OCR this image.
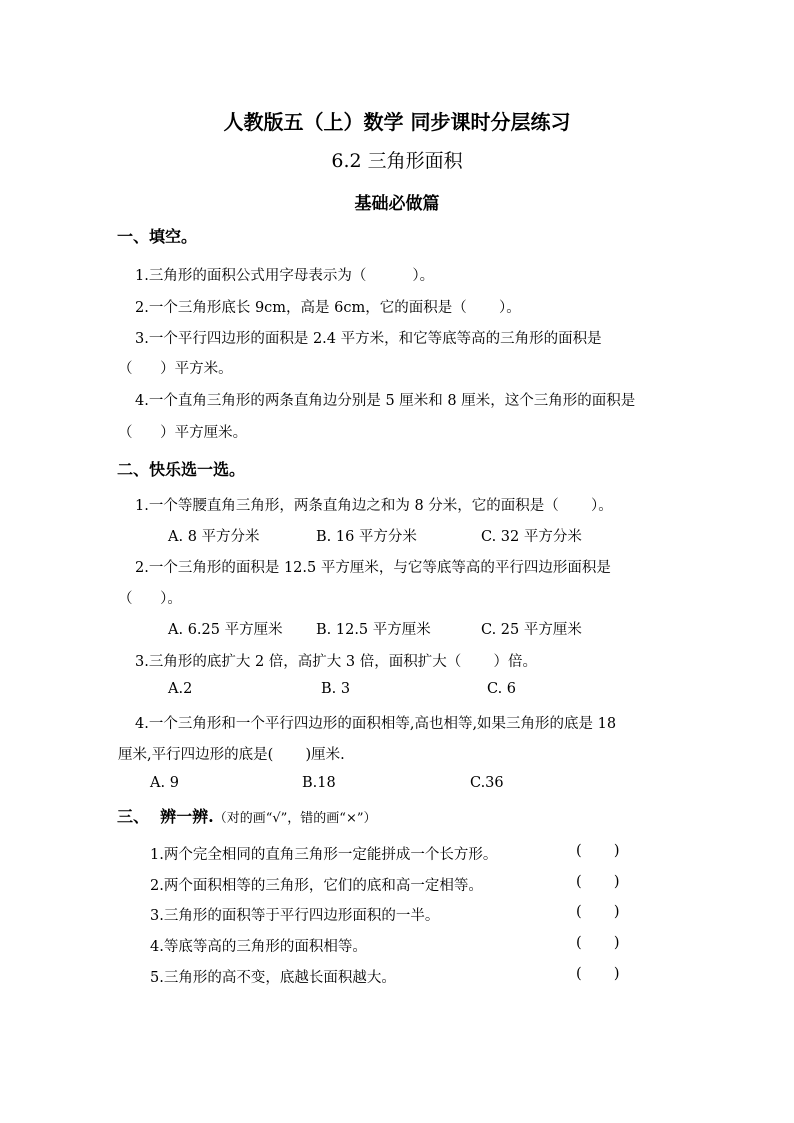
人教版五（上）数学 同步课时分层练习
6.2 三角形面积
基础必做篇
一、填空。
1.三角形的面积公式用字母表示为（          ）。
2.一个三角形底长 9cm，高是 6cm，它的面积是（       ）。
3.一个平行四边形的面积是 2.4 平方米，和它等底等高的三角形的面积是
（      ）平方米。
4.一个直角三角形的两条直角边分别是 5 厘米和 8 厘米，这个三角形的面积是
（      ）平方厘米。
二、快乐选一选。
1.一个等腰直角三角形，两条直角边之和为 8 分米，它的面积是（       ）。
A. 8 平方分米	B. 16 平方分米	C. 32 平方分米
2.一个三角形的面积是 12.5 平方厘米，与它等底等高的平行四边形面积是
（      ）。
A. 6.25 平方厘米 B. 12.5 平方厘米	C. 25 平方厘米
3.三角形的底扩大 2 倍，高扩大 3 倍，面积扩大（       ）倍。
A.2	B. 3	C. 6
4.一个三角形和一个平行四边形的面积相等,高也相等,如果三角形的底是 18
厘米,平行四边形的底是(       )厘米.
A. 9	B.18	C.36
三、  辨一辨.（对的画“√”，错的画“×”）
1.两个完全相同的直角三角形一定能拼成一个长方形。	(       )
2.两个面积相等的三角形，它们的底和高一定相等。	(       )
3.三角形的面积等于平行四边形面积的一半。	(       )
4.等底等高的三角形的面积相等。	(       )
5.三角形的高不变，底越长面积越大。	(       )
